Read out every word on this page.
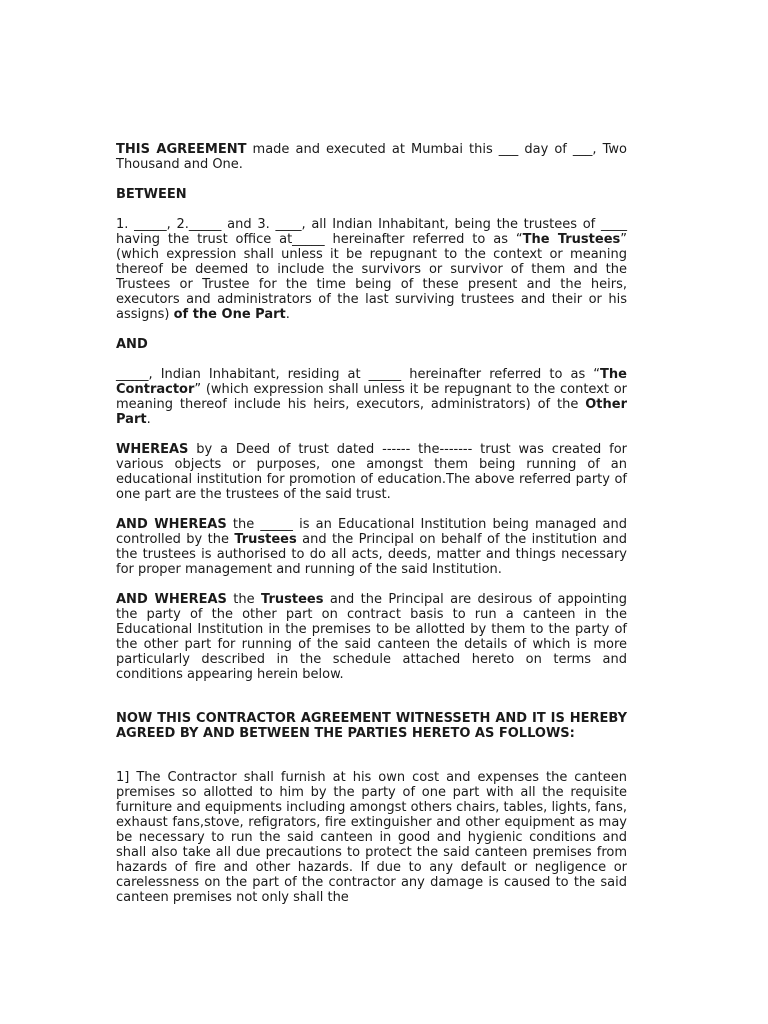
THIS AGREEMENT made and executed at Mumbai this ___ day of ___, Two Thousand and One.

BETWEEN

1. _____, 2._____ and 3. ____, all Indian Inhabitant, being the trustees of ____ having the trust office at_____ hereinafter referred to as “The Trustees” (which expression shall unless it be repugnant to the context or meaning thereof be deemed to include the survivors or survivor of them and the Trustees or Trustee for the time being of these present and the heirs, executors and administrators of the last surviving trustees and their or his assigns) of the One Part.

AND

_____, Indian Inhabitant, residing at _____ hereinafter referred to as “The Contractor” (which expression shall unless it be repugnant to the context or meaning thereof include his heirs, executors, administrators) of the Other Part.

WHEREAS by a Deed of trust dated ------ the------- trust was created for various objects or purposes, one amongst them being running of an educational institution for promotion of education.The above referred party of one part are the trustees of the said trust.

AND WHEREAS the _____ is an Educational Institution being managed and controlled by the Trustees and the Principal on behalf of the institution and the trustees is authorised to do all acts, deeds, matter and things necessary for proper management and running of the said Institution.

AND WHEREAS the Trustees and the Principal are desirous of appointing the party of the other part on contract basis to run a canteen in the Educational Institution in the premises to be allotted by them to the party of the other part for running of the said canteen the details of which is more particularly described in the schedule attached hereto on terms and conditions appearing herein below.

NOW THIS CONTRACTOR AGREEMENT WITNESSETH AND IT IS HEREBY AGREED BY AND BETWEEN THE PARTIES HERETO AS FOLLOWS:

1] The Contractor shall furnish at his own cost and expenses the canteen premises so allotted to him by the party of one part with all the requisite furniture and equipments including amongst others chairs, tables, lights, fans, exhaust fans,stove, refigrators, fire extinguisher and other equipment as may be necessary to run the said canteen in good and hygienic conditions and shall also take all due precautions to protect the said canteen premises from hazards of fire and other hazards. If due to any default or negligence or carelessness on the part of the contractor any damage is caused to the said canteen premises not only shall the
